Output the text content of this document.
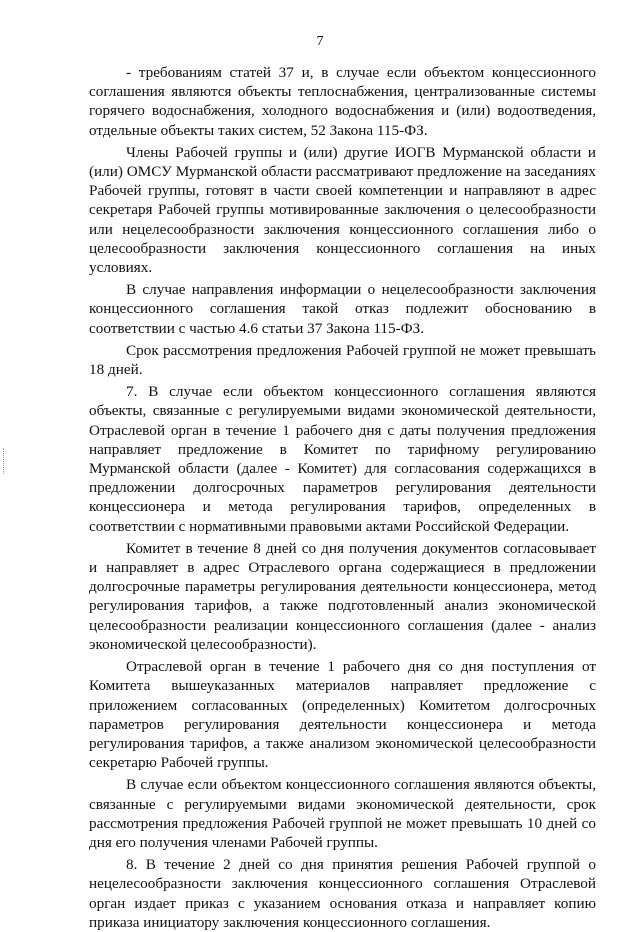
7

- требованиям статей 37 и, в случае если объектом концессионного соглашения являются объекты теплоснабжения, централизованные системы горячего водоснабжения, холодного водоснабжения и (или) водоотведения, отдельные объекты таких систем, 52 Закона 115-ФЗ.

Члены Рабочей группы и (или) другие ИОГВ Мурманской области и (или) ОМСУ Мурманской области рассматривают предложение на заседаниях Рабочей группы, готовят в части своей компетенции и направляют в адрес секретаря Рабочей группы мотивированные заключения о целесообразности или нецелесообразности заключения концессионного соглашения либо о целесообразности заключения концессионного соглашения на иных условиях.

В случае направления информации о нецелесообразности заключения концессионного соглашения такой отказ подлежит обоснованию в соответствии с частью 4.6 статьи 37 Закона 115-ФЗ.

Срок рассмотрения предложения Рабочей группой не может превышать 18 дней.

7. В случае если объектом концессионного соглашения являются объекты, связанные с регулируемыми видами экономической деятельности, Отраслевой орган в течение 1 рабочего дня с даты получения предложения направляет предложение в Комитет по тарифному регулированию Мурманской области (далее - Комитет) для согласования содержащихся в предложении долгосрочных параметров регулирования деятельности концессионера и метода регулирования тарифов, определенных в соответствии с нормативными правовыми актами Российской Федерации.

Комитет в течение 8 дней со дня получения документов согласовывает и направляет в адрес Отраслевого органа содержащиеся в предложении долгосрочные параметры регулирования деятельности концессионера, метод регулирования тарифов, а также подготовленный анализ экономической целесообразности реализации концессионного соглашения (далее - анализ экономической целесообразности).

Отраслевой орган в течение 1 рабочего дня со дня поступления от Комитета вышеуказанных материалов направляет предложение с приложением согласованных (определенных) Комитетом долгосрочных параметров регулирования деятельности концессионера и метода регулирования тарифов, а также анализом экономической целесообразности секретарю Рабочей группы.

В случае если объектом концессионного соглашения являются объекты, связанные с регулируемыми видами экономической деятельности, срок рассмотрения предложения Рабочей группой не может превышать 10 дней со дня его получения членами Рабочей группы.

8. В течение 2 дней со дня принятия решения Рабочей группой о нецелесообразности заключения концессионного соглашения Отраслевой орган издает приказ с указанием основания отказа и направляет копию приказа инициатору заключения концессионного соглашения.
